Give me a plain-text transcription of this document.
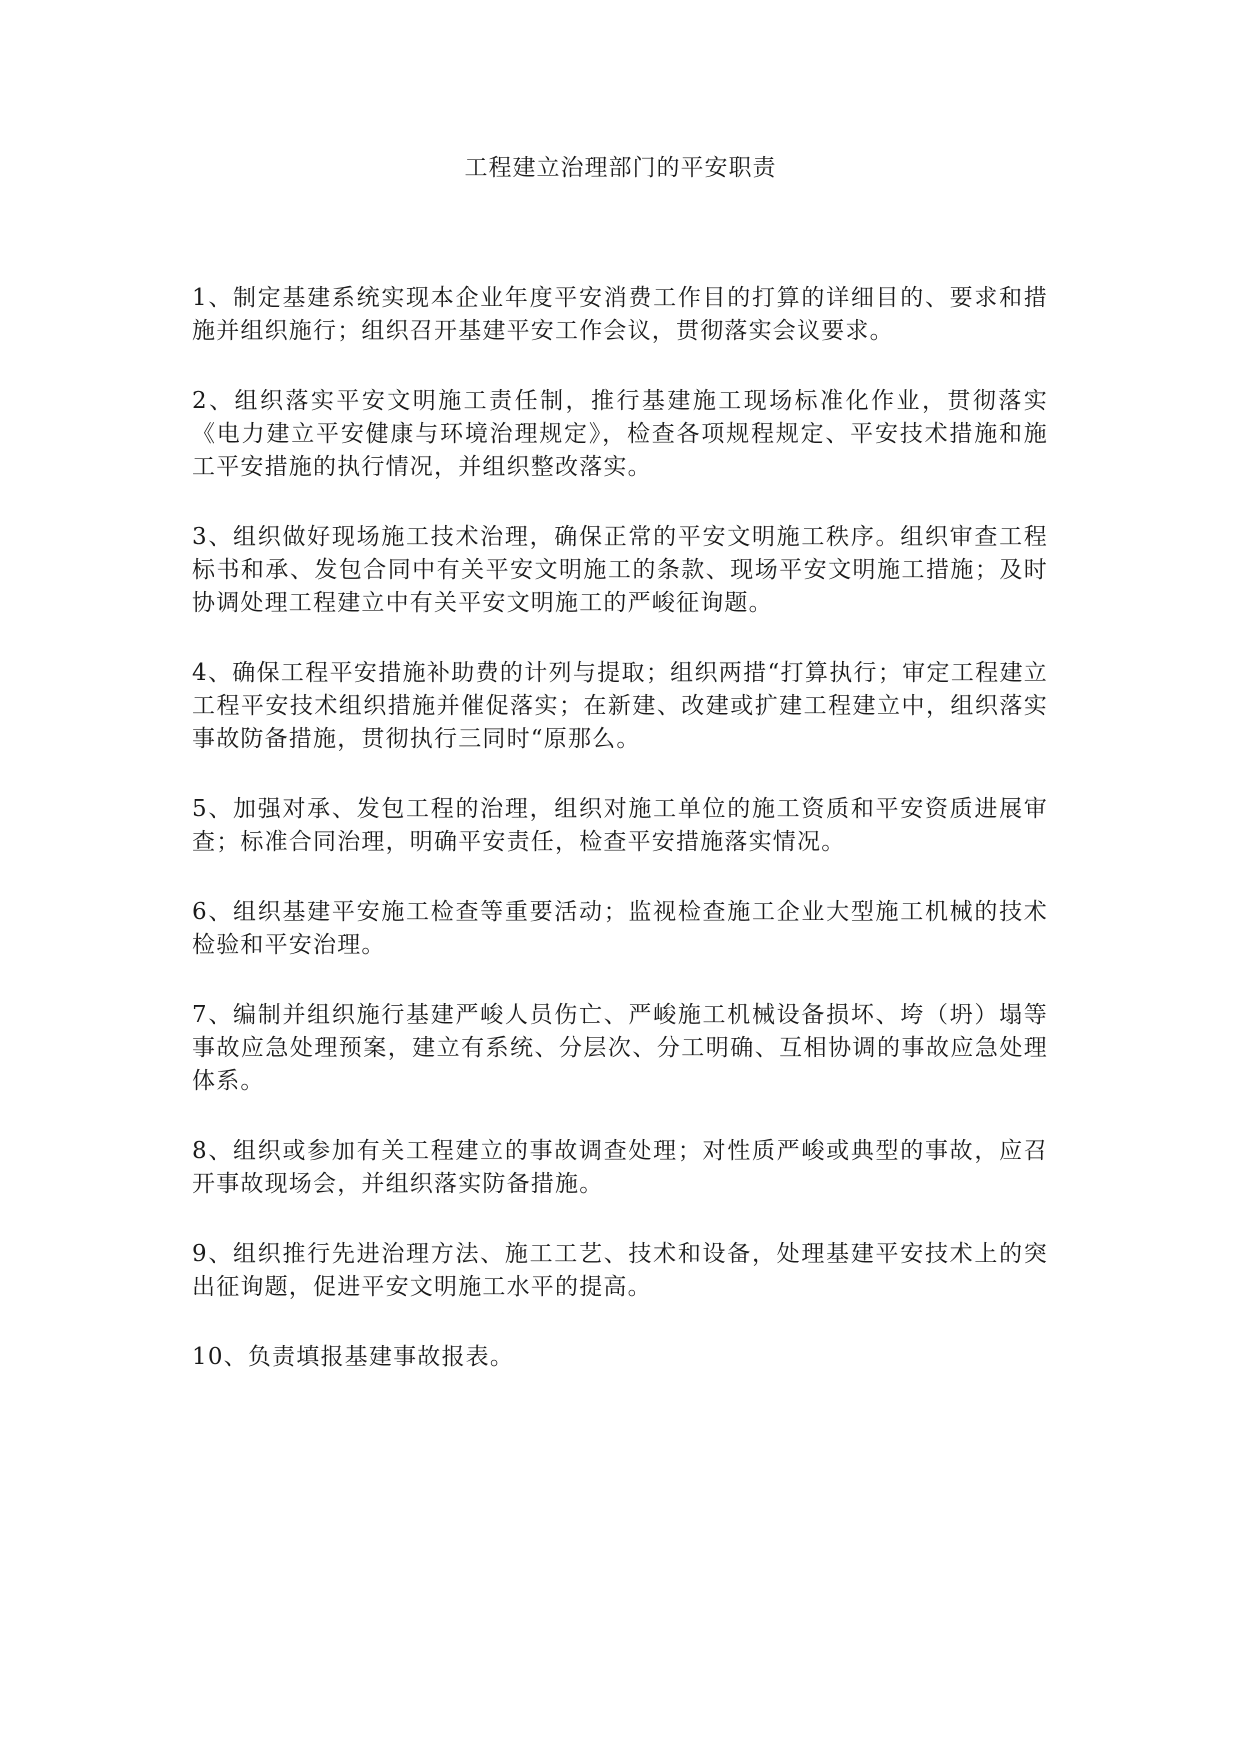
工程建立治理部门的平安职责

1、制定基建系统实现本企业年度平安消费工作目的打算的详细目的、要求和措施并组织施行；组织召开基建平安工作会议，贯彻落实会议要求。

2、组织落实平安文明施工责任制，推行基建施工现场标准化作业，贯彻落实《电力建立平安健康与环境治理规定》，检查各项规程规定、平安技术措施和施工平安措施的执行情况，并组织整改落实。

3、组织做好现场施工技术治理，确保正常的平安文明施工秩序。组织审查工程标书和承、发包合同中有关平安文明施工的条款、现场平安文明施工措施；及时协调处理工程建立中有关平安文明施工的严峻征询题。

4、确保工程平安措施补助费的计列与提取；组织两措“打算执行；审定工程建立工程平安技术组织措施并催促落实；在新建、改建或扩建工程建立中，组织落实事故防备措施，贯彻执行三同时“原那么。

5、加强对承、发包工程的治理，组织对施工单位的施工资质和平安资质进展审查；标准合同治理，明确平安责任，检查平安措施落实情况。

6、组织基建平安施工检查等重要活动；监视检查施工企业大型施工机械的技术检验和平安治理。

7、编制并组织施行基建严峻人员伤亡、严峻施工机械设备损坏、垮（坍）塌等事故应急处理预案，建立有系统、分层次、分工明确、互相协调的事故应急处理体系。

8、组织或参加有关工程建立的事故调查处理；对性质严峻或典型的事故，应召开事故现场会，并组织落实防备措施。

9、组织推行先进治理方法、施工工艺、技术和设备，处理基建平安技术上的突出征询题，促进平安文明施工水平的提高。

10、负责填报基建事故报表。
